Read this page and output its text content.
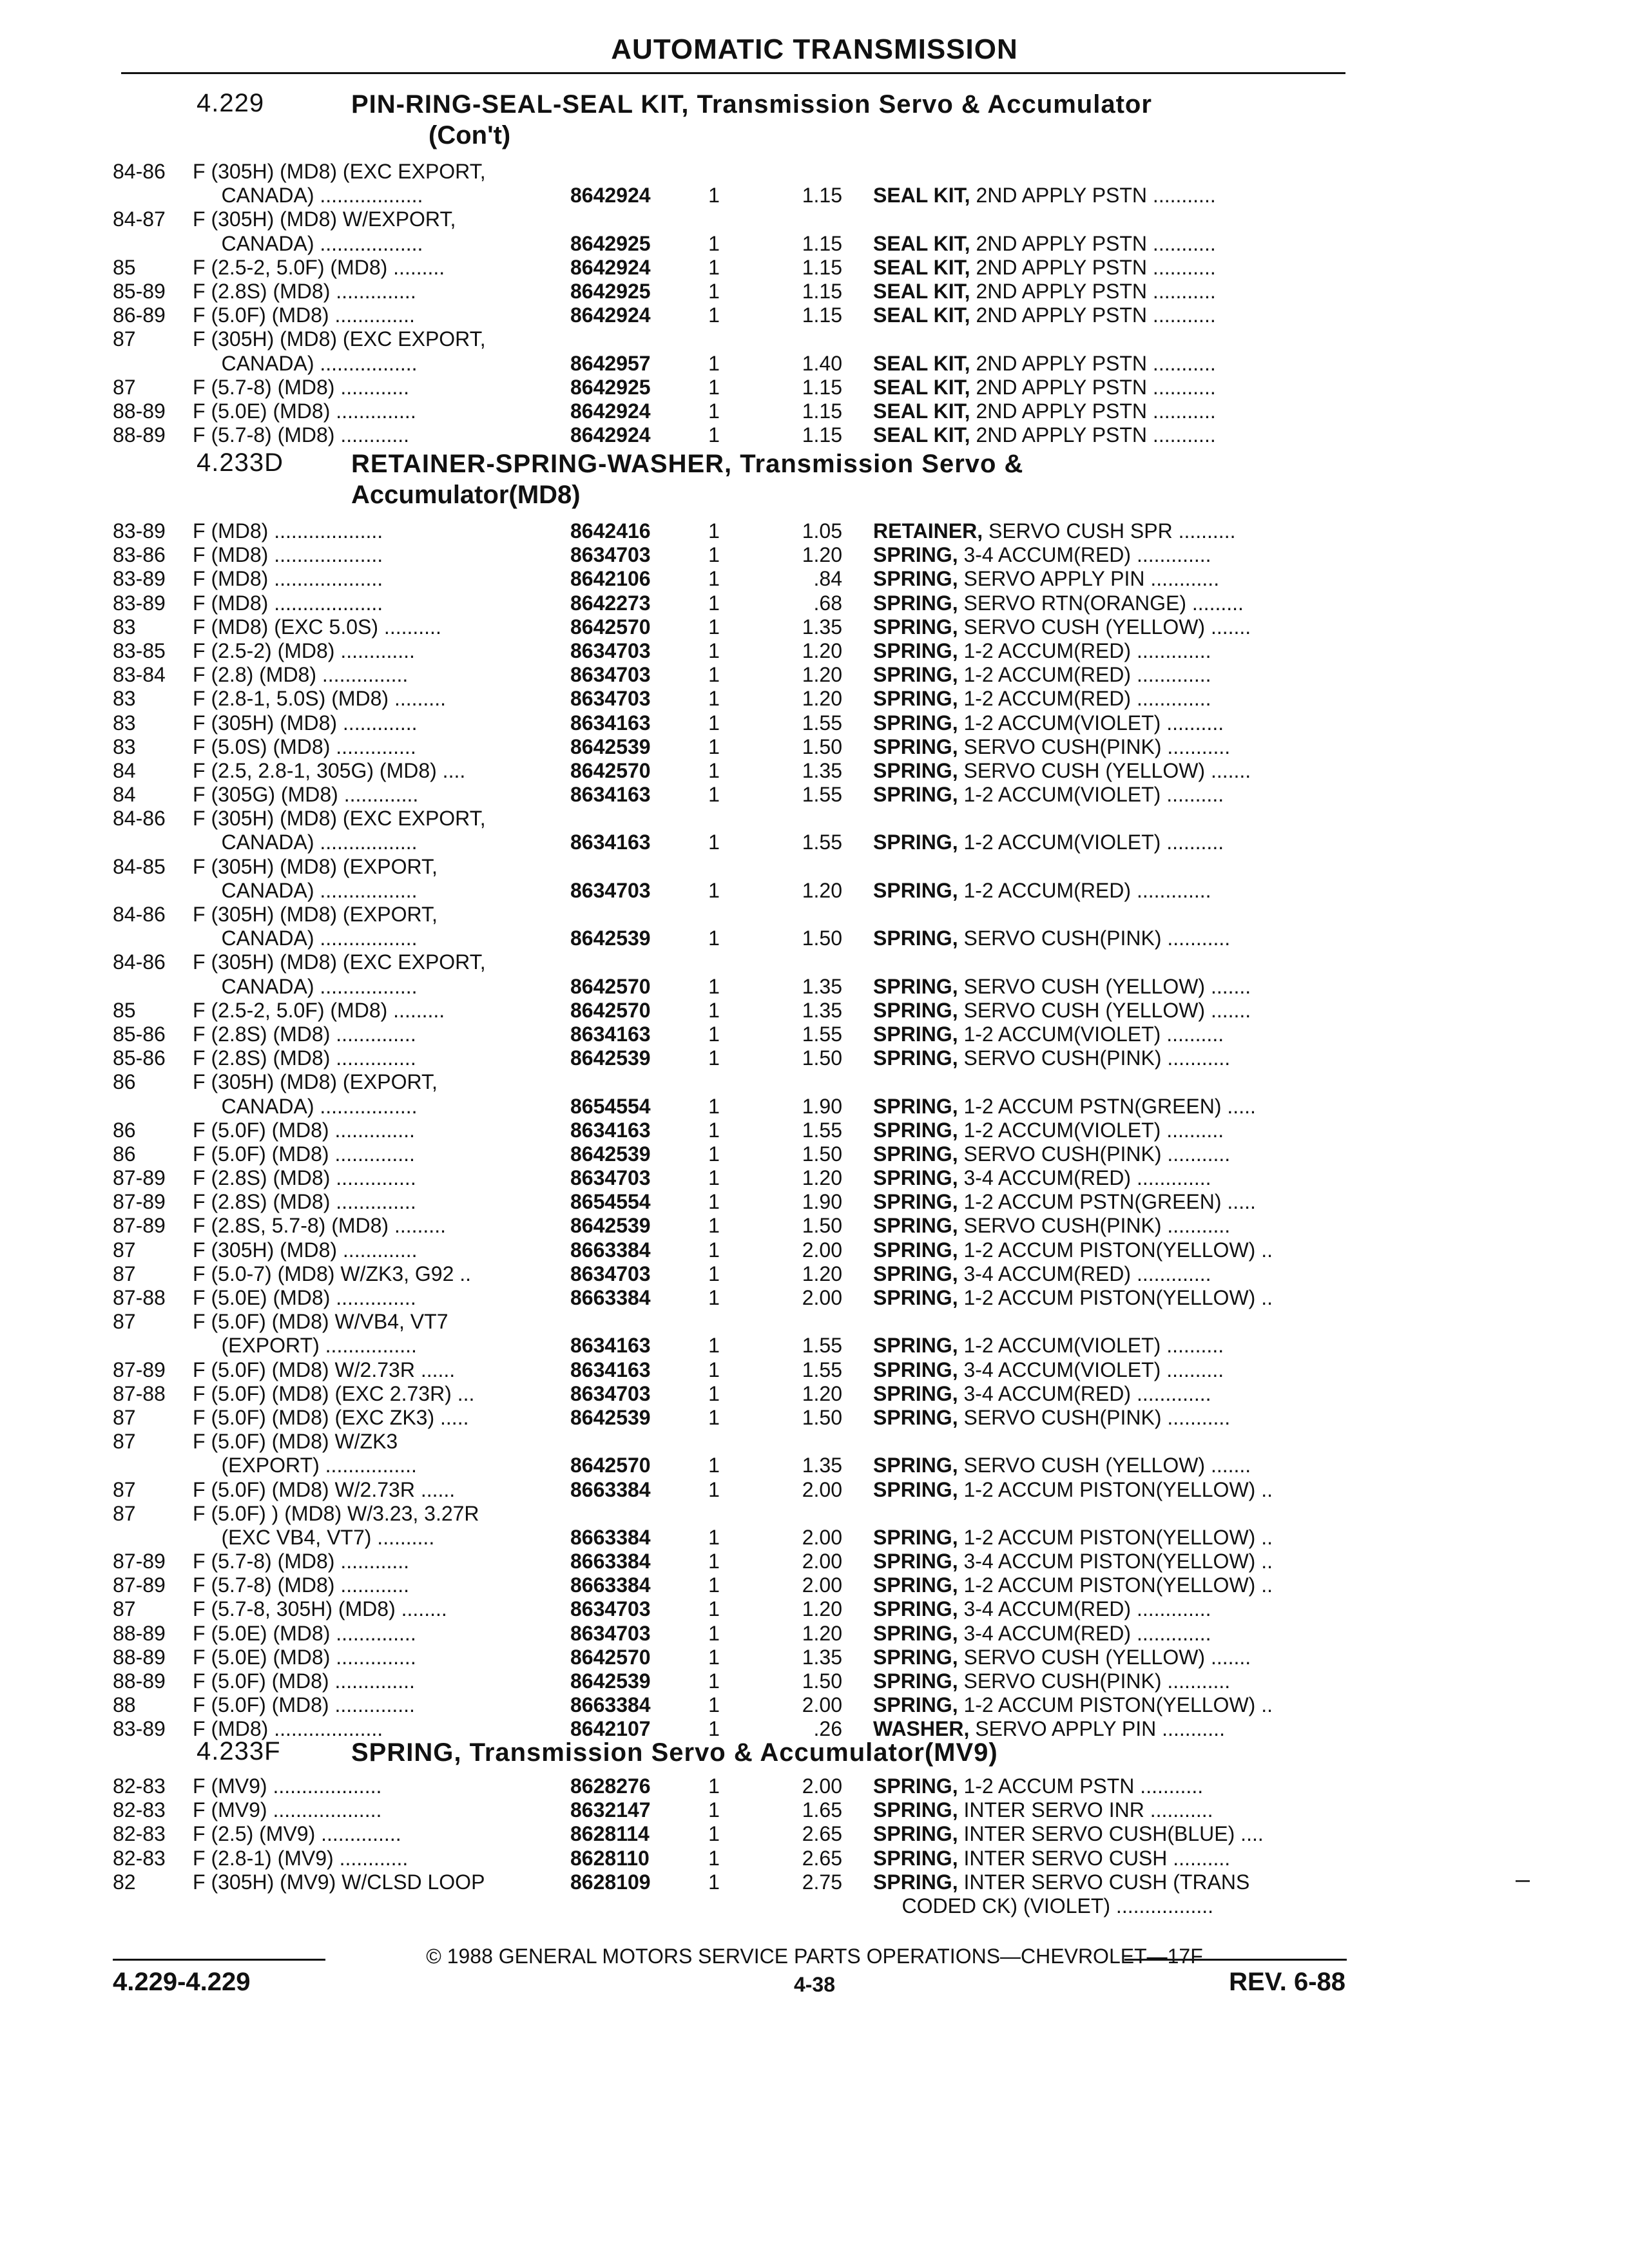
AUTOMATIC TRANSMISSION
4.229	PIN-RING-SEAL-SEAL KIT, Transmission Servo & Accumulator
(Con't)
84-86	F (305H) (MD8) (EXC EXPORT,
CANADA) ..................	8642924	1	1.15 SEAL KIT, 2ND APPLY PSTN ...........
84-87	F (305H) (MD8) W/EXPORT,
CANADA) ..................	8642925	1	1.15 SEAL KIT, 2ND APPLY PSTN ...........
85	F (2.5-2, 5.0F) (MD8) .........	8642924	1	1.15 SEAL KIT, 2ND APPLY PSTN ...........
85-89	F (2.8S) (MD8) ..............	8642925	1	1.15 SEAL KIT, 2ND APPLY PSTN ...........
86-89	F (5.0F) (MD8) ..............	8642924	1	1.15 SEAL KIT, 2ND APPLY PSTN ...........
87	F (305H) (MD8) (EXC EXPORT,
CANADA) .................	8642957	1	1.40 SEAL KIT, 2ND APPLY PSTN ...........
87	F (5.7-8) (MD8) ............	8642925	1	1.15 SEAL KIT, 2ND APPLY PSTN ...........
88-89	F (5.0E) (MD8) ..............	8642924	1	1.15 SEAL KIT, 2ND APPLY PSTN ...........
88-89	F (5.7-8) (MD8) ............	8642924	1	1.15 SEAL KIT, 2ND APPLY PSTN ...........
4.233D	RETAINER-SPRING-WASHER, Transmission Servo &
Accumulator(MD8)
83-89	F (MD8) ...................	8642416	1	1.05 RETAINER, SERVO CUSH SPR ..........
83-86	F (MD8) ...................	8634703	1	1.20 SPRING, 3-4 ACCUM(RED) .............
83-89	F (MD8) ...................	8642106	1	.84 SPRING, SERVO APPLY PIN ............
83-89	F (MD8) ...................	8642273	1	.68 SPRING, SERVO RTN(ORANGE) .........
83	F (MD8) (EXC 5.0S) ..........	8642570	1	1.35 SPRING, SERVO CUSH (YELLOW) .......
83-85	F (2.5-2) (MD8) .............	8634703	1	1.20 SPRING, 1-2 ACCUM(RED) .............
83-84	F (2.8) (MD8) ...............	8634703	1	1.20 SPRING, 1-2 ACCUM(RED) .............
83	F (2.8-1, 5.0S) (MD8) .........	8634703	1	1.20 SPRING, 1-2 ACCUM(RED) .............
83	F (305H) (MD8) .............	8634163	1	1.55 SPRING, 1-2 ACCUM(VIOLET) ..........
83	F (5.0S) (MD8) ..............	8642539	1	1.50 SPRING, SERVO CUSH(PINK) ...........
84	F (2.5, 2.8-1, 305G) (MD8) ....	8642570	1	1.35 SPRING, SERVO CUSH (YELLOW) .......
84	F (305G) (MD8) .............	8634163	1	1.55 SPRING, 1-2 ACCUM(VIOLET) ..........
84-86	F (305H) (MD8) (EXC EXPORT,
CANADA) .................	8634163	1	1.55 SPRING, 1-2 ACCUM(VIOLET) ..........
84-85	F (305H) (MD8) (EXPORT,
CANADA) .................	8634703	1	1.20 SPRING, 1-2 ACCUM(RED) .............
84-86	F (305H) (MD8) (EXPORT,
CANADA) .................	8642539	1	1.50 SPRING, SERVO CUSH(PINK) ...........
84-86	F (305H) (MD8) (EXC EXPORT,
CANADA) .................	8642570	1	1.35 SPRING, SERVO CUSH (YELLOW) .......
85	F (2.5-2, 5.0F) (MD8) .........	8642570	1	1.35 SPRING, SERVO CUSH (YELLOW) .......
85-86	F (2.8S) (MD8) ..............	8634163	1	1.55 SPRING, 1-2 ACCUM(VIOLET) ..........
85-86	F (2.8S) (MD8) ..............	8642539	1	1.50 SPRING, SERVO CUSH(PINK) ...........
86	F (305H) (MD8) (EXPORT,
CANADA) .................	8654554	1	1.90 SPRING, 1-2 ACCUM PSTN(GREEN) .....
86	F (5.0F) (MD8) ..............	8634163	1	1.55 SPRING, 1-2 ACCUM(VIOLET) ..........
86	F (5.0F) (MD8) ..............	8642539	1	1.50 SPRING, SERVO CUSH(PINK) ...........
87-89	F (2.8S) (MD8) ..............	8634703	1	1.20 SPRING, 3-4 ACCUM(RED) .............
87-89	F (2.8S) (MD8) ..............	8654554	1	1.90 SPRING, 1-2 ACCUM PSTN(GREEN) .....
87-89	F (2.8S, 5.7-8) (MD8) .........	8642539	1	1.50 SPRING, SERVO CUSH(PINK) ...........
87	F (305H) (MD8) .............	8663384	1	2.00 SPRING, 1-2 ACCUM PISTON(YELLOW) ..
87	F (5.0-7) (MD8) W/ZK3, G92 ..	8634703	1	1.20 SPRING, 3-4 ACCUM(RED) .............
87-88	F (5.0E) (MD8) ..............	8663384	1	2.00 SPRING, 1-2 ACCUM PISTON(YELLOW) ..
87	F (5.0F) (MD8) W/VB4, VT7
(EXPORT) ................	8634163	1	1.55 SPRING, 1-2 ACCUM(VIOLET) ..........
87-89	F (5.0F) (MD8) W/2.73R ......	8634163	1	1.55 SPRING, 3-4 ACCUM(VIOLET) ..........
87-88	F (5.0F) (MD8) (EXC 2.73R) ...	8634703	1	1.20 SPRING, 3-4 ACCUM(RED) .............
87	F (5.0F) (MD8) (EXC ZK3) .....	8642539	1	1.50 SPRING, SERVO CUSH(PINK) ...........
87	F (5.0F) (MD8) W/ZK3
(EXPORT) ................	8642570	1	1.35 SPRING, SERVO CUSH (YELLOW) .......
87	F (5.0F) (MD8) W/2.73R ......	8663384	1	2.00 SPRING, 1-2 ACCUM PISTON(YELLOW) ..
87	F (5.0F) ) (MD8) W/3.23, 3.27R
(EXC VB4, VT7) ..........	8663384	1	2.00 SPRING, 1-2 ACCUM PISTON(YELLOW) ..
87-89	F (5.7-8) (MD8) ............	8663384	1	2.00 SPRING, 3-4 ACCUM PISTON(YELLOW) ..
87-89	F (5.7-8) (MD8) ............	8663384	1	2.00 SPRING, 1-2 ACCUM PISTON(YELLOW) ..
87	F (5.7-8, 305H) (MD8) ........	8634703	1	1.20 SPRING, 3-4 ACCUM(RED) .............
88-89	F (5.0E) (MD8) ..............	8634703	1	1.20 SPRING, 3-4 ACCUM(RED) .............
88-89	F (5.0E) (MD8) ..............	8642570	1	1.35 SPRING, SERVO CUSH (YELLOW) .......
88-89	F (5.0F) (MD8) ..............	8642539	1	1.50 SPRING, SERVO CUSH(PINK) ...........
88	F (5.0F) (MD8) ..............	8663384	1	2.00 SPRING, 1-2 ACCUM PISTON(YELLOW) ..
83-89	F (MD8) ...................	8642107	1	.26 WASHER, SERVO APPLY PIN ...........
4.233F	SPRING, Transmission Servo & Accumulator(MV9)
82-83	F (MV9) ...................	8628276	1	2.00 SPRING, 1-2 ACCUM PSTN ...........
82-83	F (MV9) ...................	8632147	1	1.65 SPRING, INTER SERVO INR ...........
82-83	F (2.5) (MV9) ..............	8628114	1	2.65 SPRING, INTER SERVO CUSH(BLUE) ....
82-83	F (2.8-1) (MV9) ............	8628110	1	2.65 SPRING, INTER SERVO CUSH ..........
82	F (305H) (MV9) W/CLSD LOOP	8628109	1	2.75 SPRING, INTER SERVO CUSH (TRANS
CODED CK) (VIOLET) .................
© 1988 GENERAL MOTORS SERVICE PARTS OPERATIONS—CHEVROLET—17F
4.229-4.229	4-38	REV. 6-88
